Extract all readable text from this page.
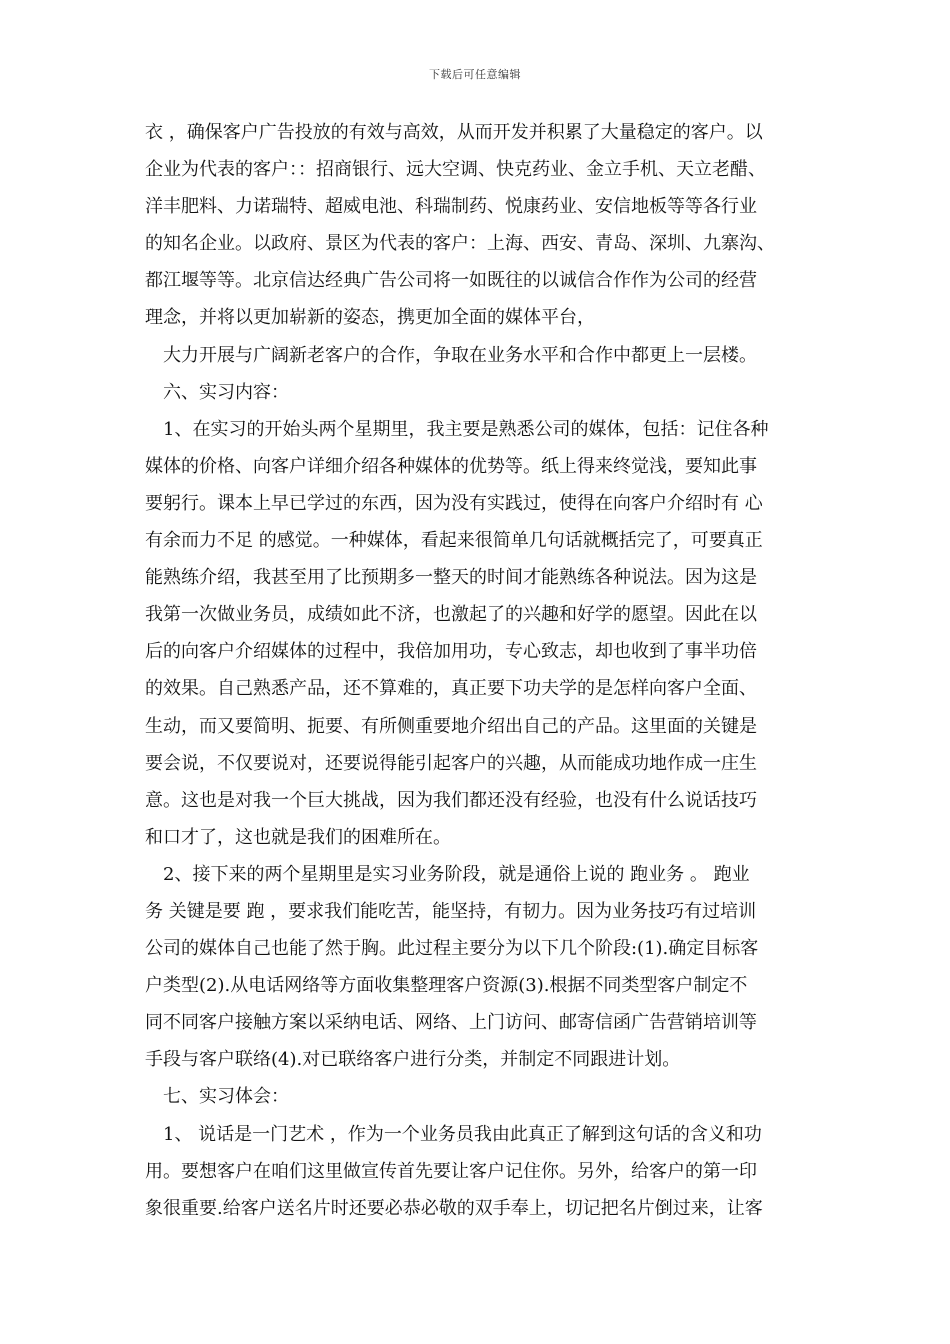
下载后可任意编辑
衣 ，确保客户广告投放的有效与高效，从而开发并积累了大量稳定的客户。以
企业为代表的客户：：招商银行、远大空调、快克药业、金立手机、天立老醋、
洋丰肥料、力诺瑞特、超威电池、科瑞制药、悦康药业、安信地板等等各行业
的知名企业。以政府、景区为代表的客户：上海、西安、青岛、深圳、九寨沟、
都江堰等等。北京信达经典广告公司将一如既往的以诚信合作作为公司的经营
理念，并将以更加崭新的姿态，携更加全面的媒体平台，
大力开展与广阔新老客户的合作，争取在业务水平和合作中都更上一层楼。
六、实习内容：
1、在实习的开始头两个星期里，我主要是熟悉公司的媒体，包括：记住各种
媒体的价格、向客户详细介绍各种媒体的优势等。纸上得来终觉浅，要知此事
要躬行。课本上早已学过的东西，因为没有实践过，使得在向客户介绍时有 心
有余而力不足 的感觉。一种媒体，看起来很简单几句话就概括完了，可要真正
能熟练介绍，我甚至用了比预期多一整天的时间才能熟练各种说法。因为这是
我第一次做业务员，成绩如此不济，也激起了的兴趣和好学的愿望。因此在以
后的向客户介绍媒体的过程中，我倍加用功，专心致志，却也收到了事半功倍
的效果。自己熟悉产品，还不算难的，真正要下功夫学的是怎样向客户全面、
生动，而又要简明、扼要、有所侧重要地介绍出自己的产品。这里面的关键是
要会说，不仅要说对，还要说得能引起客户的兴趣，从而能成功地作成一庄生
意。这也是对我一个巨大挑战，因为我们都还没有经验，也没有什么说话技巧
和口才了，这也就是我们的困难所在。
2、接下来的两个星期里是实习业务阶段，就是通俗上说的 跑业务 。 跑业
务 关键是要 跑 ，要求我们能吃苦，能坚持，有韧力。因为业务技巧有过培训
公司的媒体自己也能了然于胸。此过程主要分为以下几个阶段:(1).确定目标客
户类型(2).从电话网络等方面收集整理客户资源(3).根据不同类型客户制定不
同不同客户接触方案以采纳电话、网络、上门访问、邮寄信函广告营销培训等
手段与客户联络(4).对已联络客户进行分类，并制定不同跟进计划。
七、实习体会：
1、 说话是一门艺术 ，作为一个业务员我由此真正了解到这句话的含义和功
用。要想客户在咱们这里做宣传首先要让客户记住你。另外，给客户的第一印
象很重要.给客户送名片时还要必恭必敬的双手奉上，切记把名片倒过来，让客
